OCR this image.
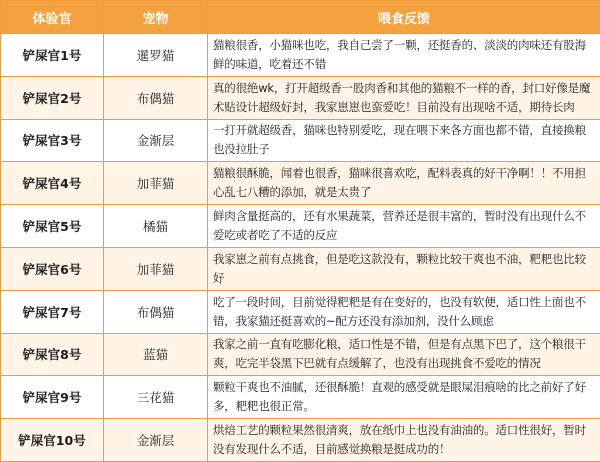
体验官	宠物	喂食反馈
铲屎官1号	暹罗猫	猫粮很香，小猫咪也吃，我自己尝了一颗，还挺香的、淡淡的肉味还有股海鲜的味道，吃着还不错
铲屎官2号	布偶猫	真的很绝wk，打开超级香一股肉香和其他的猫粮不一样的香，封口好像是魔术贴设计超级好封，我家崽崽也蛮爱吃！目前没有出现啥不适，期待长肉
铲屎官3号	金渐层	一打开就超级香，猫咪也特别爱吃，现在喂下来各方面也都不错，直接换粮也没拉肚子
铲屎官4号	加菲猫	猫粮很酥脆，闻着也很香，猫咪很喜欢吃，配料表真的好干净啊！！不用担心乱七八糟的添加，就是太贵了
铲屎官5号	橘猫	鲜肉含量挺高的，还有水果蔬菜，营养还是很丰富的，暂时没有出现什么不爱吃或者吃了不适的反应
铲屎官6号	加菲猫	我家崽之前有点挑食，但是吃这款没有，颗粒比较干爽也不油，粑粑也比较好
铲屎官7号	布偶猫	吃了一段时间，目前觉得粑粑是有在变好的，也没有软便，适口性上面也不错，我家猫还挺喜欢的~配方还没有添加剂，没什么顾虑
铲屎官8号	蓝猫	我家之前一直有吃膨化粮，适口性是不错，但是有点黑下巴了，这个粮很干爽，吃完半袋黑下巴就有点缓解了，也没有出现挑食不爱吃的情况
铲屎官9号	三花猫	颗粒干爽也不油腻，还很酥脆！直观的感受就是眼屎泪痕啥的比之前好了好多，粑粑也很正常。
铲屎官10号	金渐层	烘焙工艺的颗粒果然很清爽，放在纸巾上也没有油油的。适口性很好，暂时没有发现什么不适，目前感觉换粮是挺成功的！
